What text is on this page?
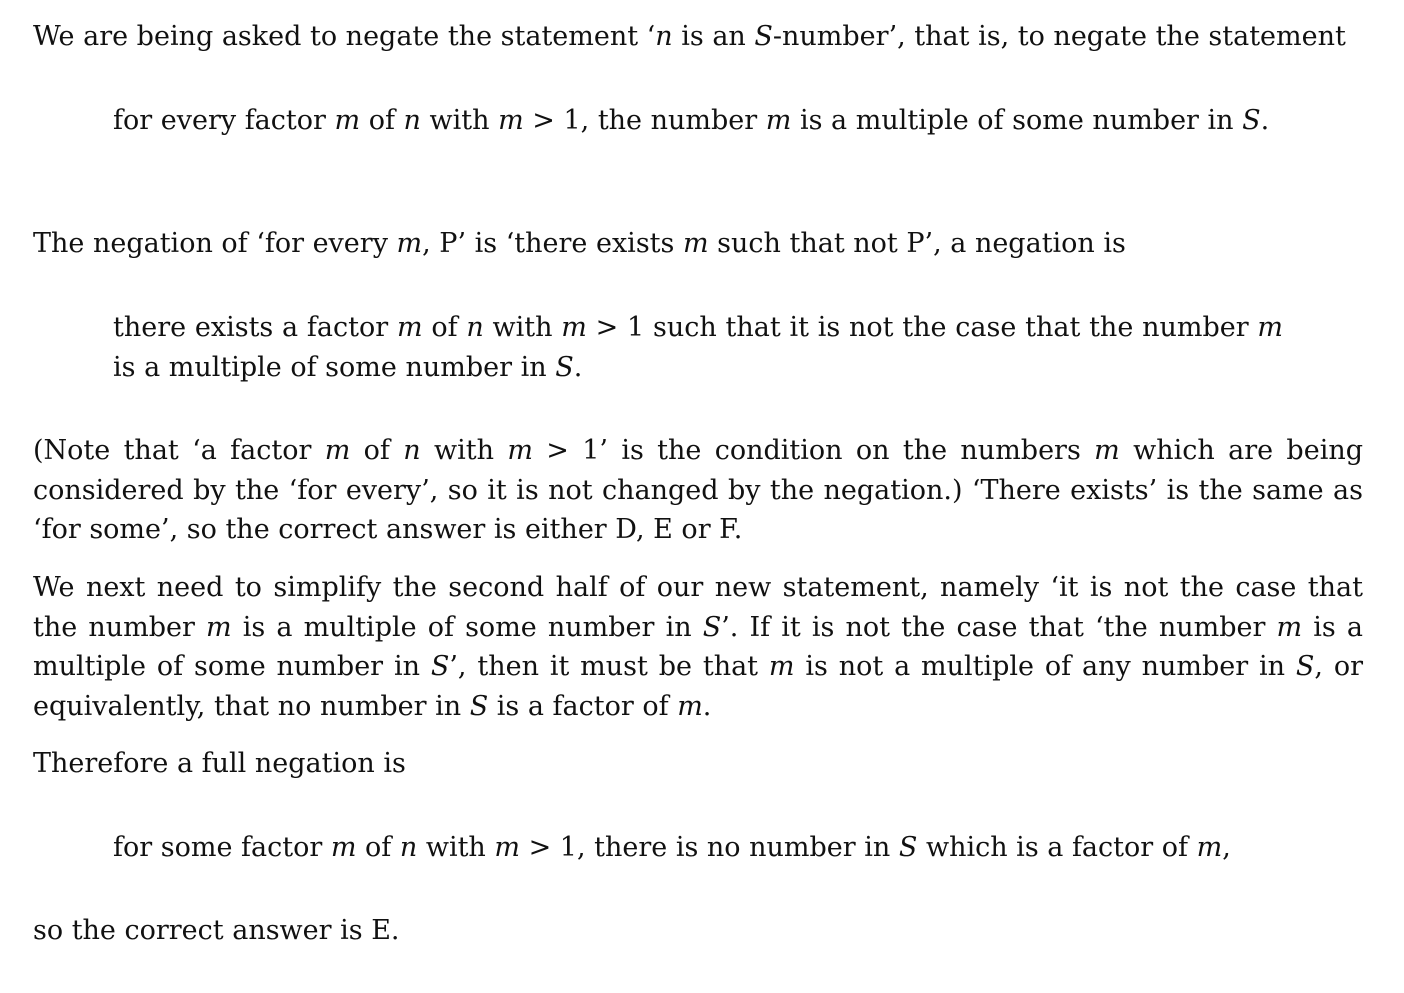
We are being asked to negate the statement ‘n is an S-number’, that is, to negate the statement

for every factor m of n with m > 1, the number m is a multiple of some number in S.

The negation of ‘for every m, P’ is ‘there exists m such that not P’, a negation is

there exists a factor m of n with m > 1 such that it is not the case that the number m is a multiple of some number in S.

(Note that ‘a factor m of n with m > 1’ is the condition on the numbers m which are being considered by the ‘for every’, so it is not changed by the negation.) ‘There exists’ is the same as ‘for some’, so the correct answer is either D, E or F.

We next need to simplify the second half of our new statement, namely ‘it is not the case that the number m is a multiple of some number in S’. If it is not the case that ‘the number m is a multiple of some number in S’, then it must be that m is not a multiple of any number in S, or equivalently, that no number in S is a factor of m.

Therefore a full negation is

for some factor m of n with m > 1, there is no number in S which is a factor of m,

so the correct answer is E.
